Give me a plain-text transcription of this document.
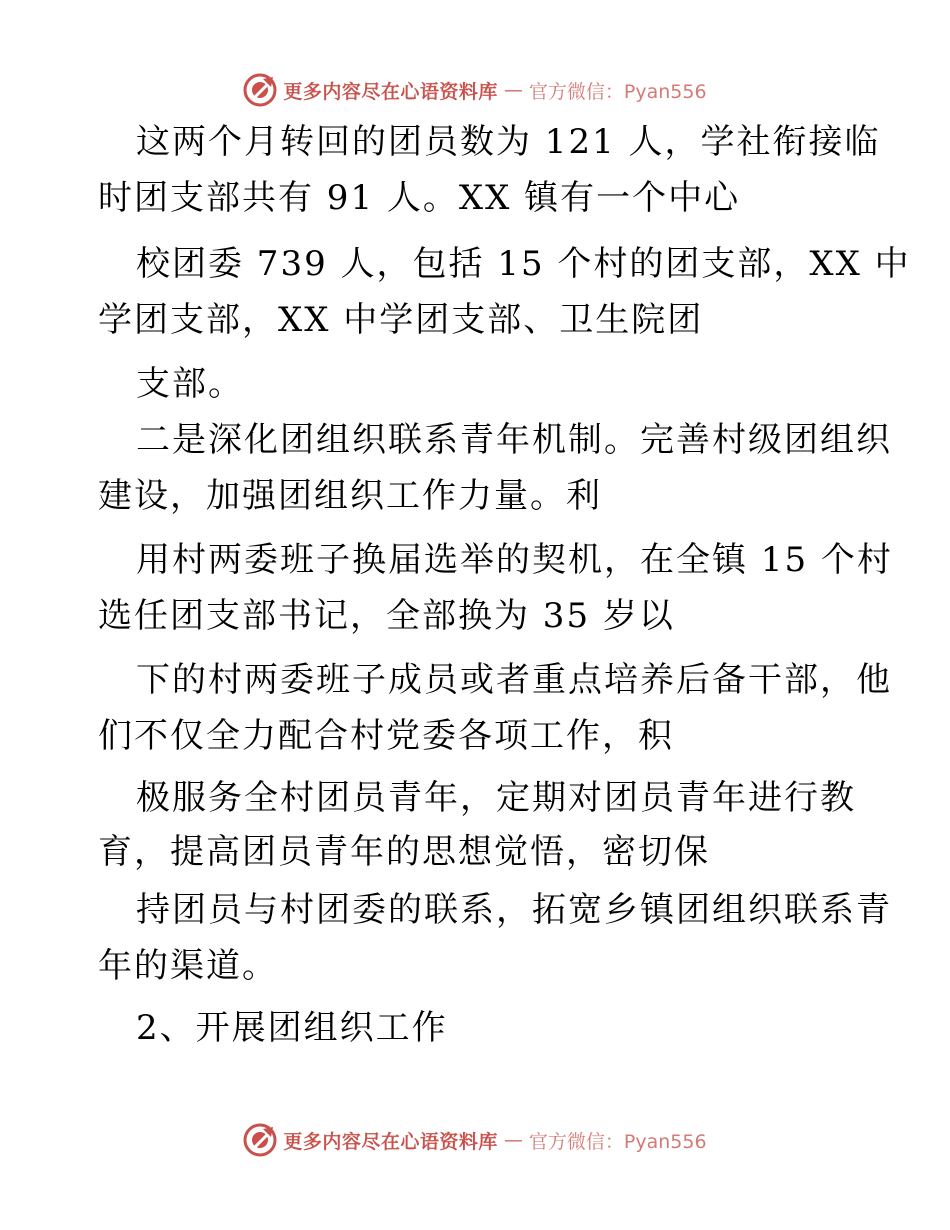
更多内容尽在心语资料库 — 官方微信：Pyan556
这两个月转回的团员数为 121 人，学社衔接临
时团支部共有 91 人。XX 镇有一个中心
校团委 739 人，包括 15 个村的团支部，XX 中
学团支部，XX 中学团支部、卫生院团
支部。
二是深化团组织联系青年机制。完善村级团组织
建设，加强团组织工作力量。利
用村两委班子换届选举的契机，在全镇 15 个村
选任团支部书记，全部换为 35 岁以
下的村两委班子成员或者重点培养后备干部，他
们不仅全力配合村党委各项工作，积
极服务全村团员青年，定期对团员青年进行教
育，提高团员青年的思想觉悟，密切保
持团员与村团委的联系，拓宽乡镇团组织联系青
年的渠道。
2、开展团组织工作
更多内容尽在心语资料库 — 官方微信：Pyan556
